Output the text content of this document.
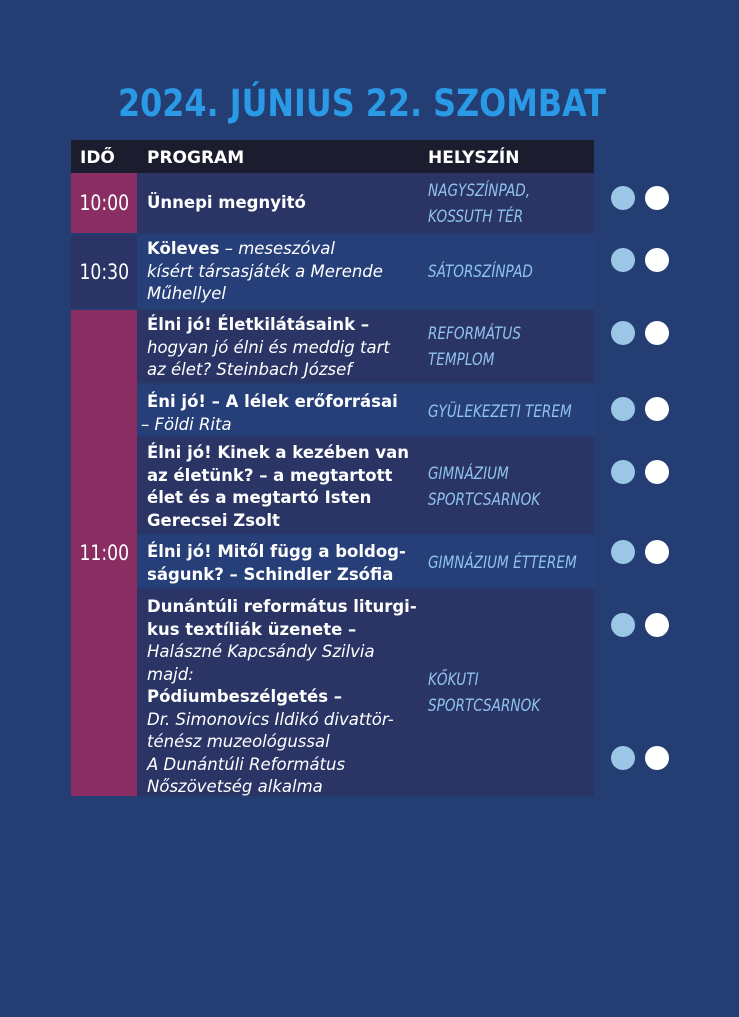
2024. JÚNIUS 22. SZOMBAT
IDŐ PROGRAM	HELYSZÍN
10:00
10:30
11:00
Ünnepi megnyitó
NAGYSZÍNPAD,
KOSSUTH TÉR
Köleves – meseszóval
kísért társasjáték a Merende
Műhellyel
SÁTORSZÍNPAD
Élni jó! Életkilátásaink –
hogyan jó élni és meddig tart
az élet? Steinbach József
REFORMÁTUS
TEMPLOM
Éni jó! – A lélek erőforrásai
– Földi Rita
GYÜLEKEZETI TEREM
Élni jó! Kinek a kezében van
az életünk? – a megtartott
élet és a megtartó Isten
Gerecsei Zsolt
GIMNÁZIUM
SPORTCSARNOK
Élni jó! Mitől függ a boldog-
ságunk? – Schindler Zsófia
GIMNÁZIUM ÉTTEREM
Dunántúli református liturgi-
kus textíliák üzenete –
Halászné Kapcsándy Szilvia
majd:
Pódiumbeszélgetés –
Dr. Simonovics Ildikó divattör-
ténész muzeológussal
A Dunántúli Református
Nőszövetség alkalma
KŐKUTI
SPORTCSARNOK
